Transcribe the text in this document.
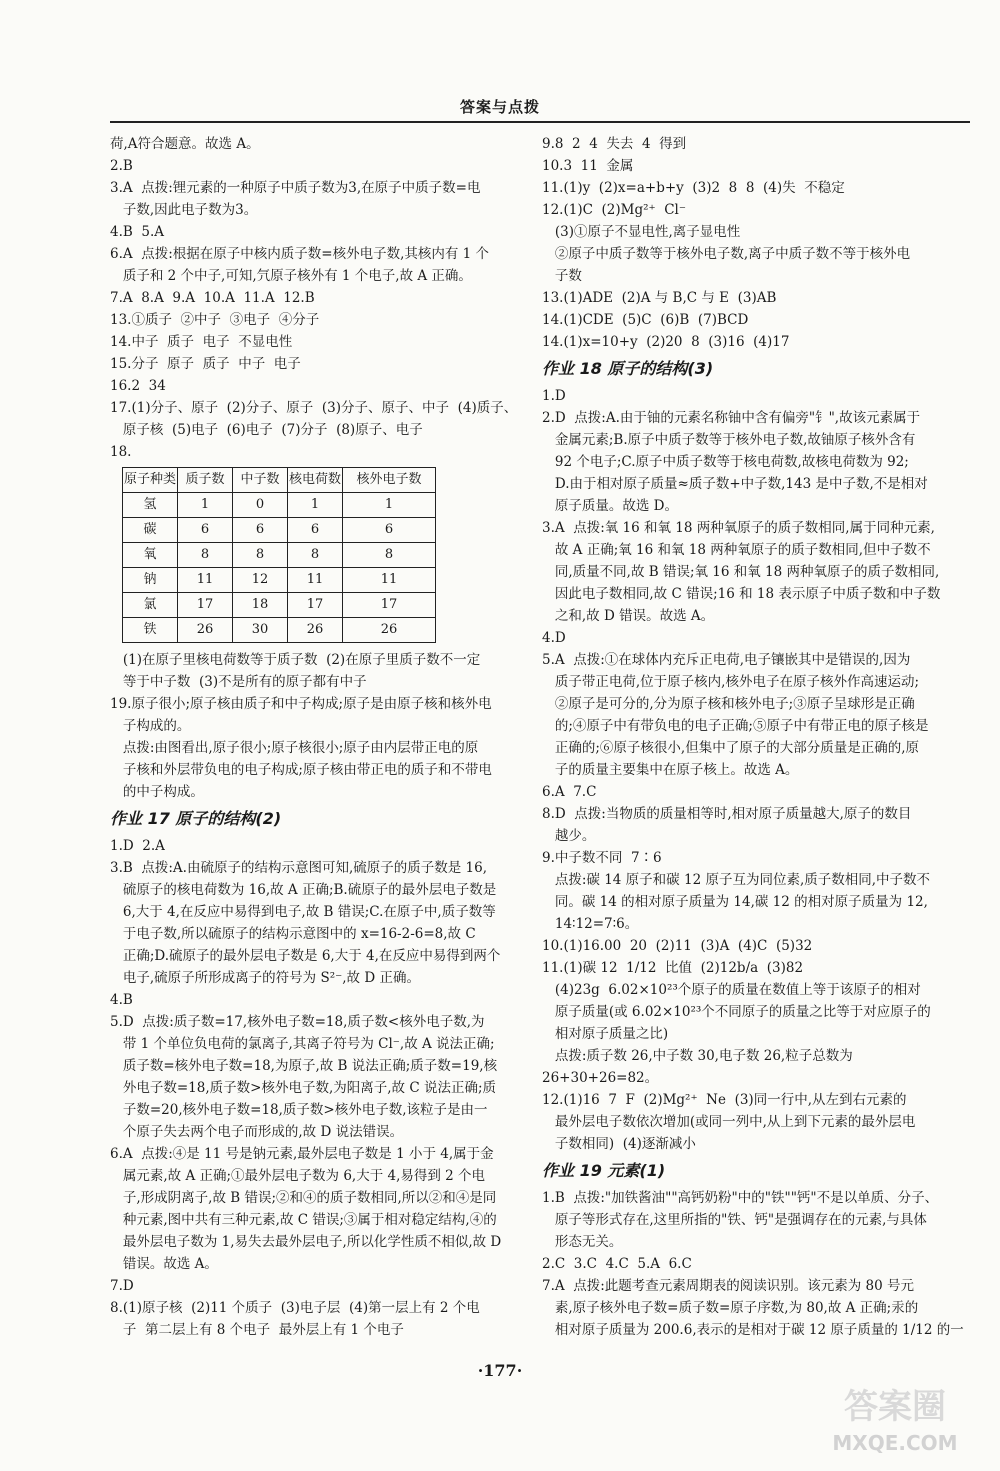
答案与点拨
荷,A符合题意。故选 A。
2.B
3.A  点拨:锂元素的一种原子中质子数为3,在原子中质子数=电
子数,因此电子数为3。
4.B  5.A
6.A  点拨:根据在原子中核内质子数=核外电子数,其核内有 1 个
质子和 2 个中子,可知,氕原子核外有 1 个电子,故 A 正确。
7.A  8.A  9.A  10.A  11.A  12.B
13.①质子  ②中子  ③电子  ④分子
14.中子  质子  电子  不显电性
15.分子  原子  质子  中子  电子
16.2  34
17.(1)分子、原子  (2)分子、原子  (3)分子、原子、中子  (4)质子、
原子核  (5)电子  (6)电子  (7)分子  (8)原子、电子
18.
原子种类	质子数	中子数	核电荷数	核外电子数
氢	1	0	1	1
碳	6	6	6	6
氧	8	8	8	8
钠	11	12	11	11
氯	17	18	17	17
铁	26	30	26	26
(1)在原子里核电荷数等于质子数  (2)在原子里质子数不一定
等于中子数  (3)不是所有的原子都有中子
19.原子很小;原子核由质子和中子构成;原子是由原子核和核外电
子构成的。
点拨:由图看出,原子很小;原子核很小;原子由内层带正电的原
子核和外层带负电的电子构成;原子核由带正电的质子和不带电
的中子构成。
作业 17 原子的结构(2)
1.D  2.A
3.B  点拨:A.由硫原子的结构示意图可知,硫原子的质子数是 16,
硫原子的核电荷数为 16,故 A 正确;B.硫原子的最外层电子数是
6,大于 4,在反应中易得到电子,故 B 错误;C.在原子中,质子数等
于电子数,所以硫原子的结构示意图中的 x=16-2-6=8,故 C
正确;D.硫原子的最外层电子数是 6,大于 4,在反应中易得到两个
电子,硫原子所形成离子的符号为 S²⁻,故 D 正确。
4.B
5.D  点拨:质子数=17,核外电子数=18,质子数<核外电子数,为
带 1 个单位负电荷的氯离子,其离子符号为 Cl⁻,故 A 说法正确;
质子数=核外电子数=18,为原子,故 B 说法正确;质子数=19,核
外电子数=18,质子数>核外电子数,为阳离子,故 C 说法正确;质
子数=20,核外电子数=18,质子数>核外电子数,该粒子是由一
个原子失去两个电子而形成的,故 D 说法错误。
6.A  点拨:④是 11 号是钠元素,最外层电子数是 1 小于 4,属于金
属元素,故 A 正确;①最外层电子数为 6,大于 4,易得到 2 个电
子,形成阴离子,故 B 错误;②和④的质子数相同,所以②和④是同
种元素,图中共有三种元素,故 C 错误;③属于相对稳定结构,④的
最外层电子数为 1,易失去最外层电子,所以化学性质不相似,故 D
错误。故选 A。
7.D
8.(1)原子核  (2)11 个质子  (3)电子层  (4)第一层上有 2 个电
子  第二层上有 8 个电子  最外层上有 1 个电子
9.8  2  4  失去  4  得到
10.3  11  金属
11.(1)y  (2)x=a+b+y  (3)2  8  8  (4)失  不稳定
12.(1)C  (2)Mg²⁺  Cl⁻
(3)①原子不显电性,离子显电性
②原子中质子数等于核外电子数,离子中质子数不等于核外电
子数
13.(1)ADE  (2)A 与 B,C 与 E  (3)AB
14.(1)CDE  (5)C  (6)B  (7)BCD
14.(1)x=10+y  (2)20  8  (3)16  (4)17
作业 18 原子的结构(3)
1.D
2.D  点拨:A.由于铀的元素名称铀中含有偏旁"钅",故该元素属于
金属元素;B.原子中质子数等于核外电子数,故铀原子核外含有
92 个电子;C.原子中质子数等于核电荷数,故核电荷数为 92;
D.由于相对原子质量≈质子数+中子数,143 是中子数,不是相对
原子质量。故选 D。
3.A  点拨:氧 16 和氧 18 两种氧原子的质子数相同,属于同种元素,
故 A 正确;氧 16 和氧 18 两种氧原子的质子数相同,但中子数不
同,质量不同,故 B 错误;氧 16 和氧 18 两种氧原子的质子数相同,
因此电子数相同,故 C 错误;16 和 18 表示原子中质子数和中子数
之和,故 D 错误。故选 A。
4.D
5.A  点拨:①在球体内充斥正电荷,电子镶嵌其中是错误的,因为
质子带正电荷,位于原子核内,核外电子在原子核外作高速运动;
②原子是可分的,分为原子核和核外电子;③原子呈球形是正确
的;④原子中有带负电的电子正确;⑤原子中有带正电的原子核是
正确的;⑥原子核很小,但集中了原子的大部分质量是正确的,原
子的质量主要集中在原子核上。故选 A。
6.A  7.C
8.D  点拨:当物质的质量相等时,相对原子质量越大,原子的数目
越少。
9.中子数不同  7∶6
点拨:碳 14 原子和碳 12 原子互为同位素,质子数相同,中子数不
同。碳 14 的相对原子质量为 14,碳 12 的相对原子质量为 12,
14∶12=7∶6。
10.(1)16.00  20  (2)11  (3)A  (4)C  (5)32
11.(1)碳 12  1/12  比值  (2)12b/a  (3)82
(4)23g  6.02×10²³个原子的质量在数值上等于该原子的相对
原子质量(或 6.02×10²³个不同原子的质量之比等于对应原子的
相对原子质量之比)
点拨:质子数 26,中子数 30,电子数 26,粒子总数为 26+30+26=82。
12.(1)16  7  F  (2)Mg²⁺  Ne  (3)同一行中,从左到右元素的
最外层电子数依次增加(或同一列中,从上到下元素的最外层电
子数相同)  (4)逐渐减小
作业 19 元素(1)
1.B  点拨:"加铁酱油""高钙奶粉"中的"铁""钙"不是以单质、分子、
原子等形式存在,这里所指的"铁、钙"是强调存在的元素,与具体
形态无关。
2.C  3.C  4.C  5.A  6.C
7.A  点拨:此题考查元素周期表的阅读识别。该元素为 80 号元
素,原子核外电子数=质子数=原子序数,为 80,故 A 正确;汞的
相对原子质量为 200.6,表示的是相对于碳 12 原子质量的 1/12 的一
·177·
答案圈
MXQE.COM
